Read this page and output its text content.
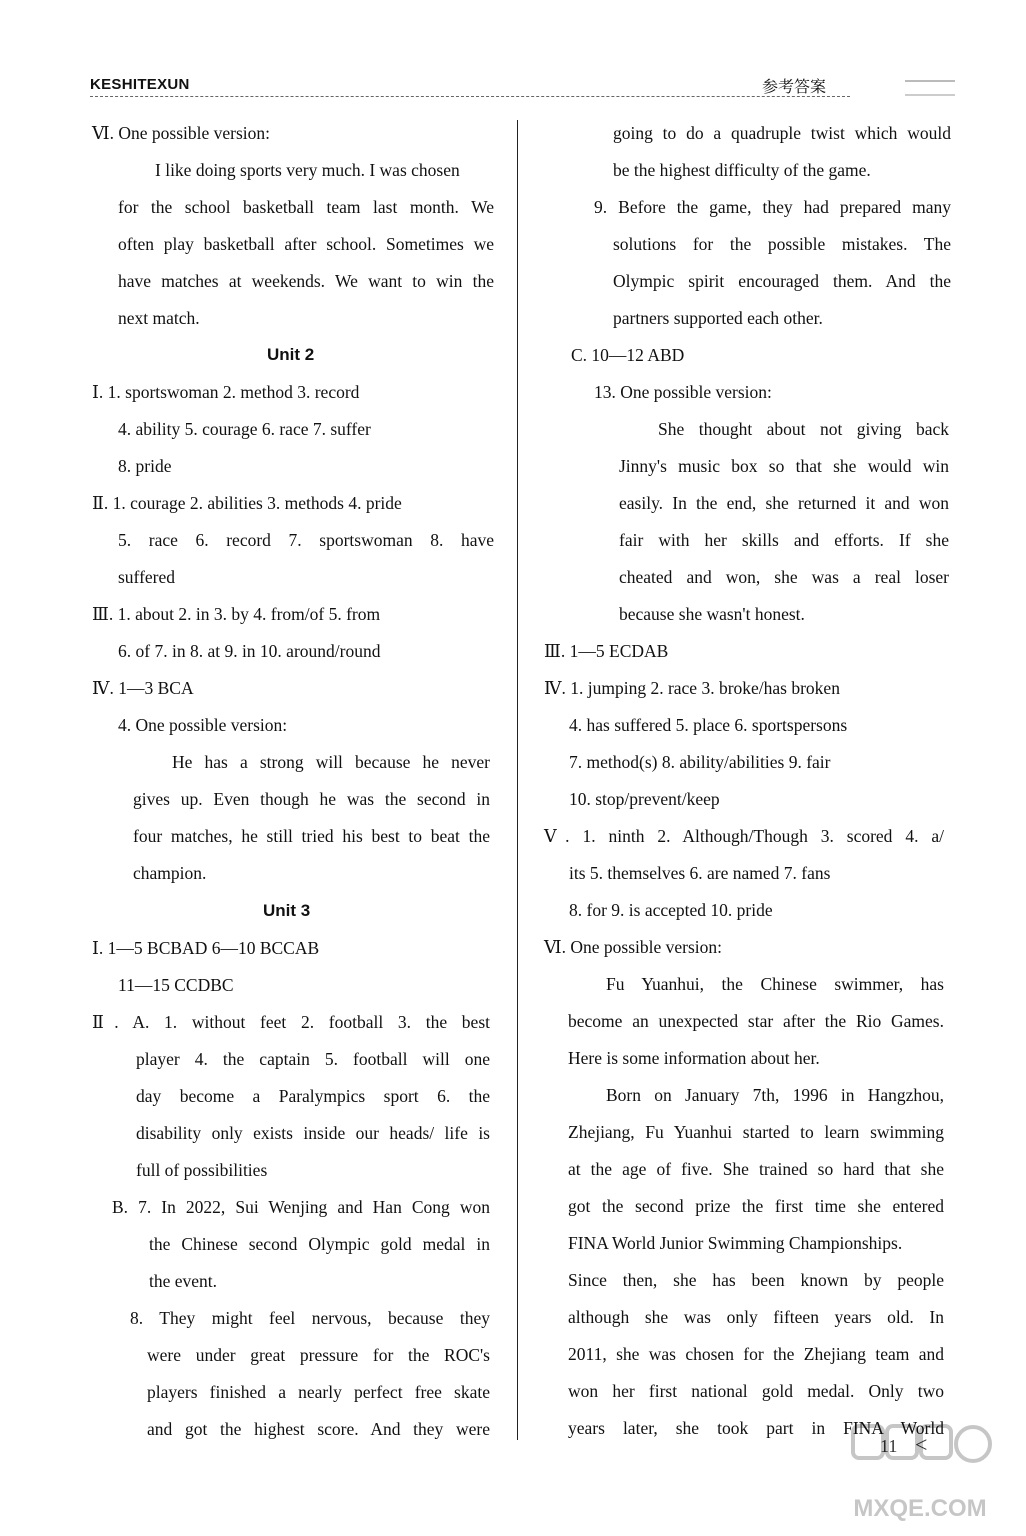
KESHITEXUN	参考答案
Ⅵ. One possible version:
I like doing sports very much. I was chosen
for the school basketball team last month. We
often play basketball after school. Sometimes we
have matches at weekends. We want to win the
next match.
Unit 2
Ⅰ. 1. sportswoman 2. method 3. record
4. ability 5. courage 6. race 7. suffer
8. pride
Ⅱ. 1. courage 2. abilities 3. methods 4. pride
5. race 6. record 7. sportswoman 8. have
suffered
Ⅲ. 1. about 2. in 3. by 4. from/of 5. from
6. of 7. in 8. at 9. in 10. around/round
Ⅳ. 1—3 BCA
4. One possible version:
He has a strong will because he never
gives up. Even though he was the second in
four matches, he still tried his best to beat the
champion.
Unit 3
Ⅰ. 1—5 BCBAD 6—10 BCCAB
11—15 CCDBC
Ⅱ. A. 1. without feet 2. football 3. the best
player 4. the captain 5. football will one
day become a Paralympics sport 6. the
disability only exists inside our heads/ life is
full of possibilities
B. 7. In 2022, Sui Wenjing and Han Cong won
the Chinese second Olympic gold medal in
the event.
8. They might feel nervous, because they
were under great pressure for the ROC's
players finished a nearly perfect free skate
and got the highest score. And they were
going to do a quadruple twist which would
be the highest difficulty of the game.
9. Before the game, they had prepared many
solutions for the possible mistakes. The
Olympic spirit encouraged them. And the
partners supported each other.
C. 10—12 ABD
13. One possible version:
She thought about not giving back
Jinny's music box so that she would win
easily. In the end, she returned it and won
fair with her skills and efforts. If she
cheated and won, she was a real loser
because she wasn't honest.
Ⅲ. 1—5 ECDAB
Ⅳ. 1. jumping 2. race 3. broke/has broken
4. has suffered 5. place 6. sportspersons
7. method(s) 8. ability/abilities 9. fair
10. stop/prevent/keep
Ⅴ. 1. ninth 2. Although/Though 3. scored 4. a/
its 5. themselves 6. are named 7. fans
8. for 9. is accepted 10. pride
Ⅵ. One possible version:
Fu Yuanhui, the Chinese swimmer, has
become an unexpected star after the Rio Games.
Here is some information about her.
Born on January 7th, 1996 in Hangzhou,
Zhejiang, Fu Yuanhui started to learn swimming
at the age of five. She trained so hard that she
got the second prize the first time she entered
FINA World Junior Swimming Championships.
Since then, she has been known by people
although she was only fifteen years old. In
2011, she was chosen for the Zhejiang team and
won her first national gold medal. Only two
years later, she took part in FINA World
11 <
MXQE.COM
